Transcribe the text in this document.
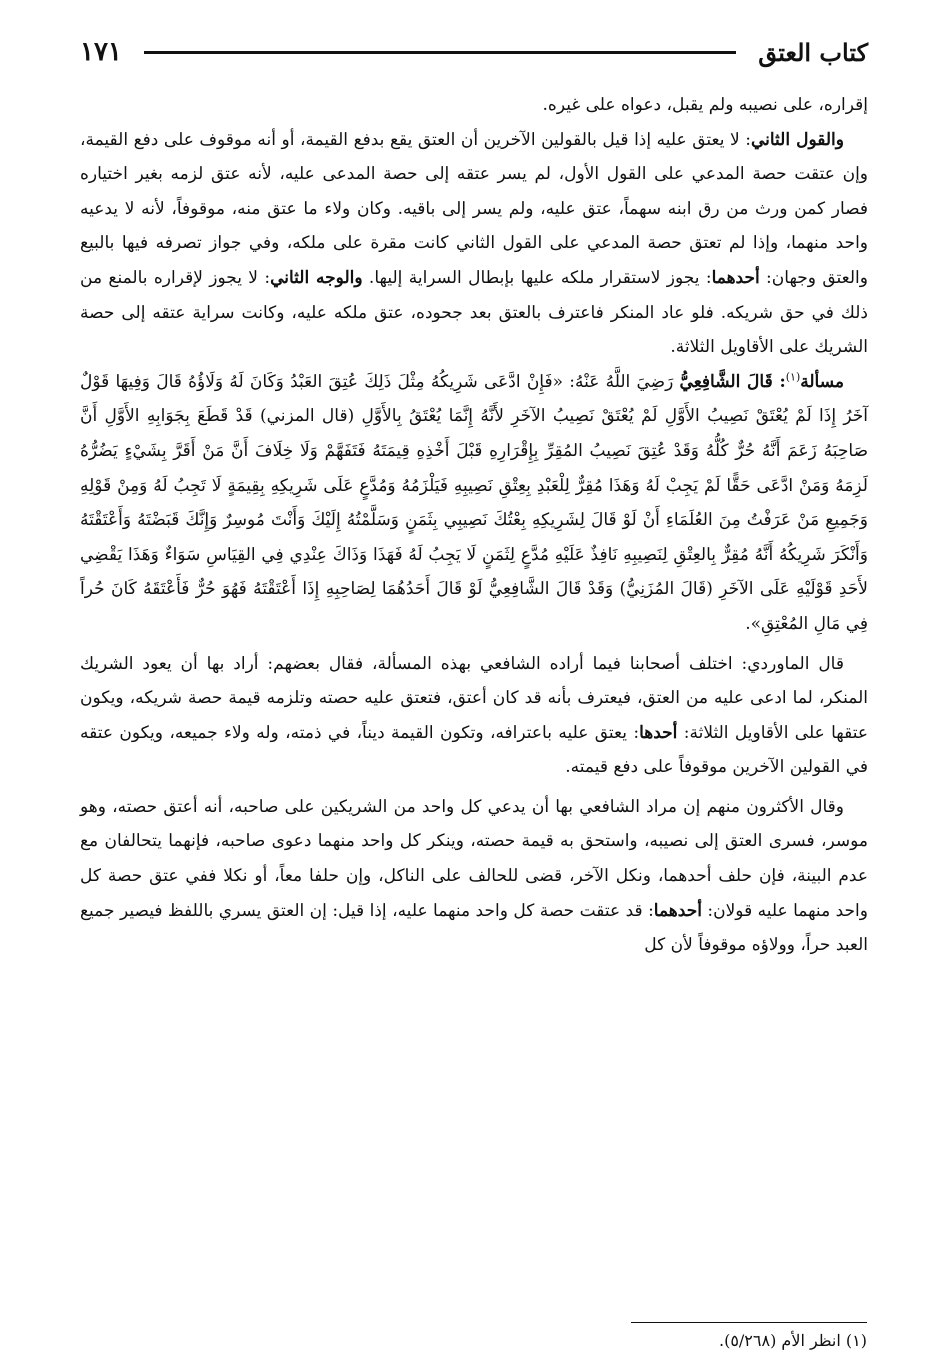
كتاب العتق
١٧١

إقراره، على نصيبه ولم يقبل، دعواه على غيره.

والقول الثاني: لا يعتق عليه إذا قيل بالقولين الآخرين أن العتق يقع بدفع القيمة، أو أنه موقوف على دفع القيمة، وإن عتقت حصة المدعي على القول الأول، لم يسر عتقه إلى حصة المدعى عليه، لأنه عتق لزمه بغير اختياره فصار كمن ورث من رق ابنه سهماً، عتق عليه، ولم يسر إلى باقيه. وكان ولاء ما عتق منه، موقوفاً، لأنه لا يدعيه واحد منهما، وإذا لم تعتق حصة المدعي على القول الثاني كانت مقرة على ملكه، وفي جواز تصرفه فيها بالبيع والعتق وجهان: أحدهما: يجوز لاستقرار ملكه عليها بإبطال السراية إليها. والوجه الثاني: لا يجوز لإقراره بالمنع من ذلك في حق شريكه. فلو عاد المنكر فاعترف بالعتق بعد جحوده، عتق ملكه عليه، وكانت سراية عتقه إلى حصة الشريك على الأقاويل الثلاثة.

مسألة$^{(١)}$: قَالَ الشَّافِعِيُّ رَضِيَ اللَّهُ عَنْهُ: «فَإِنْ ادَّعَى شَرِيكُهُ مِثْلَ ذَلِكَ عُتِقَ العَبْدُ وَكَانَ لَهُ وَلَاؤُهُ قَالَ وَفِيهَا قَوْلٌ آخَرُ إِذَا لَمْ يُعْتَقْ نَصِيبُ الأَوَّلِ لَمْ يُعْتَقْ نَصِيبُ الآخَرِ لأَنَّهُ إِنَّمَا يُعْتَقُ بِالأَوَّلِ (قال المزني) قَدْ قَطَعَ بِجَوَابِهِ الأَوَّلِ أَنَّ صَاحِبَهُ زَعَمَ أَنَّهُ حُرٌّ كُلُّهُ وَقَدْ عُتِقَ نَصِيبُ المُقِرِّ بِإِقْرَارِهِ قَبْلَ أَخْذِهِ قِيمَتَهُ فَتَفَهَّمْ وَلَا خِلَافَ أَنَّ مَنْ أَقَرَّ بِشَيْءٍ يَضُرُّهُ لَزِمَهُ وَمَنْ ادَّعَى حَقًّا لَمْ يَجِبْ لَهُ وَهَذَا مُقِرٌّ لِلْعَبْدِ بِعِتْقِ نَصِيبِهِ فَيَلْزَمُهُ وَمُدَّعٍ عَلَى شَرِيكِهِ بِقِيمَةٍ لَا تَجِبُ لَهُ وَمِنْ قَوْلِهِ وَجَمِيعِ مَنْ عَرَفْتُ مِنَ العُلَمَاءِ أَنْ لَوْ قَالَ لِشَرِيكِهِ بِعْتُكَ نَصِيبِي بِثَمَنٍ وَسَلَّمْتُهُ إِلَيْكَ وَأَنْتَ مُوسِرٌ وَإِنَّكَ قَبَضْتَهُ وَأَعْتَقْتَهُ وَأَنْكَرَ شَرِيكُهُ أَنَّهُ مُقِرٌّ بِالعِتْقِ لِنَصِيبِهِ نَافِذٌ عَلَيْهِ مُدَّعٍ لِثَمَنٍ لَا يَجِبُ لَهُ فَهَذَا وَذَاكَ عِنْدِي فِي القِيَاسِ سَوَاءٌ وَهَذَا يَقْضِي لأَحَدِ قَوْلَيْهِ عَلَى الآخَرِ (قَالَ المُزَنِيُّ) وَقَدْ قَالَ الشَّافِعِيُّ لَوْ قَالَ أَحَدُهُمَا لِصَاحِبِهِ إِذَا أَعْتَقْتَهُ فَهُوَ حُرٌّ فَأَعْتَقَهُ كَانَ حُراً فِي مَالِ المُعْتِقِ».

قال الماوردي: اختلف أصحابنا فيما أراده الشافعي بهذه المسألة، فقال بعضهم: أراد بها أن يعود الشريك المنكر، لما ادعى عليه من العتق، فيعترف بأنه قد كان أعتق، فتعتق عليه حصته وتلزمه قيمة حصة شريكه، ويكون عتقها على الأقاويل الثلاثة: أحدها: يعتق عليه باعترافه، وتكون القيمة ديناً، في ذمته، وله ولاء جميعه، ويكون عتقه في القولين الآخرين موقوفاً على دفع قيمته.

وقال الأكثرون منهم إن مراد الشافعي بها أن يدعي كل واحد من الشريكين على صاحبه، أنه أعتق حصته، وهو موسر، فسرى العتق إلى نصيبه، واستحق به قيمة حصته، وينكر كل واحد منهما دعوى صاحبه، فإنهما يتحالفان مع عدم البينة، فإن حلف أحدهما، ونكل الآخر، قضى للحالف على الناكل، وإن حلفا معاً، أو نكلا ففي عتق حصة كل واحد منهما عليه قولان: أحدهما: قد عتقت حصة كل واحد منهما عليه، إذا قيل: إن العتق يسري باللفظ فيصير جميع العبد حراً، وولاؤه موقوفاً لأن كل

(١) انظر الأم (٥/٢٦٨).
